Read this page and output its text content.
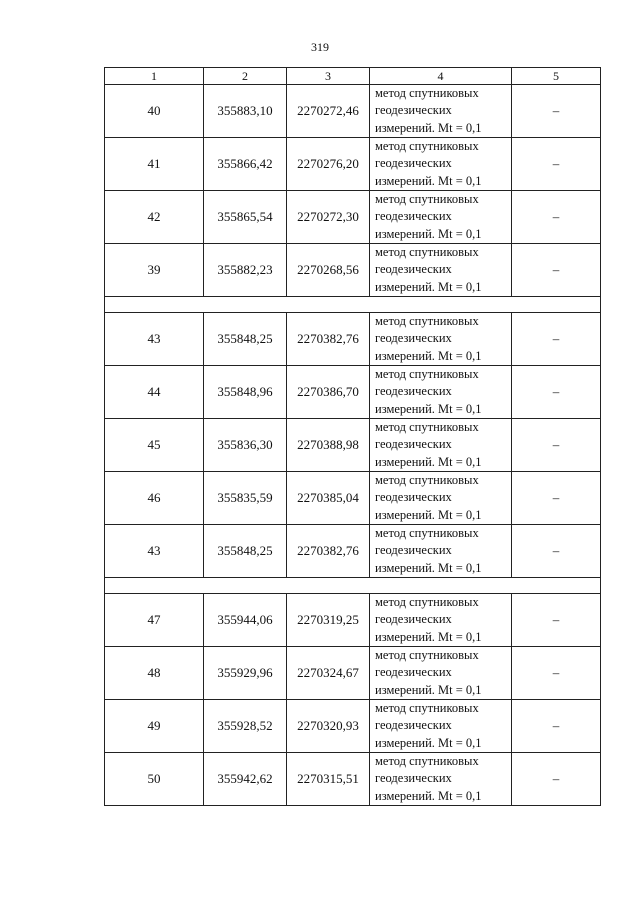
319
1	2	3	4	5
40	355883,10	2270272,46	метод спутниковых
геодезических
измерений. Mt = 0,1	–
41	355866,42	2270276,20	метод спутниковых
геодезических
измерений. Mt = 0,1	–
42	355865,54	2270272,30	метод спутниковых
геодезических
измерений. Mt = 0,1	–
39	355882,23	2270268,56	метод спутниковых
геодезических
измерений. Mt = 0,1	–

43	355848,25	2270382,76	метод спутниковых
геодезических
измерений. Mt = 0,1	–
44	355848,96	2270386,70	метод спутниковых
геодезических
измерений. Mt = 0,1	–
45	355836,30	2270388,98	метод спутниковых
геодезических
измерений. Mt = 0,1	–
46	355835,59	2270385,04	метод спутниковых
геодезических
измерений. Mt = 0,1	–
43	355848,25	2270382,76	метод спутниковых
геодезических
измерений. Mt = 0,1	–

47	355944,06	2270319,25	метод спутниковых
геодезических
измерений. Mt = 0,1	–
48	355929,96	2270324,67	метод спутниковых
геодезических
измерений. Mt = 0,1	–
49	355928,52	2270320,93	метод спутниковых
геодезических
измерений. Mt = 0,1	–
50	355942,62	2270315,51	метод спутниковых
геодезических
измерений. Mt = 0,1	–
